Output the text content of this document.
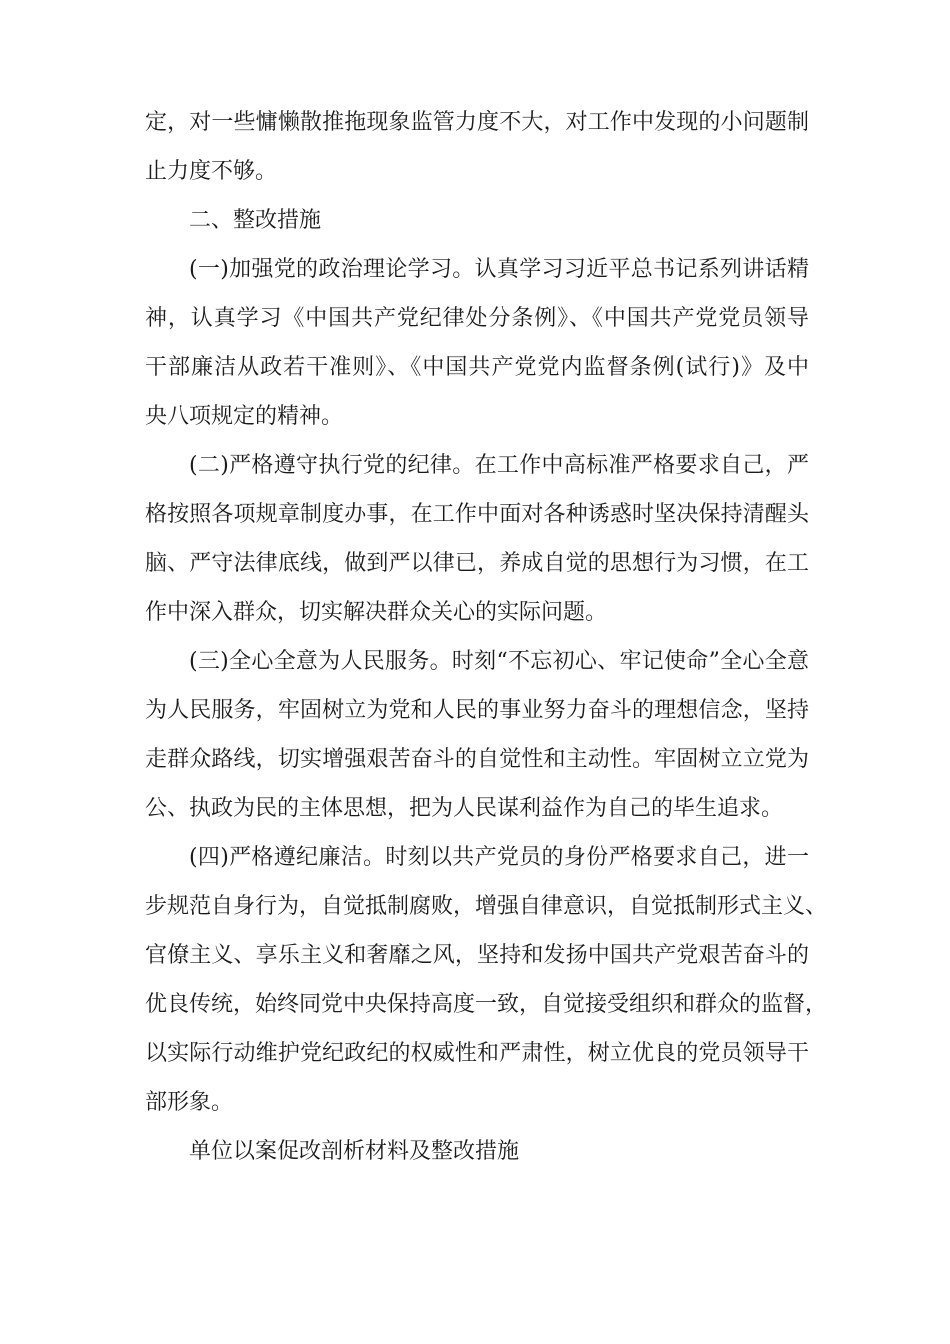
定，对一些慵懒散推拖现象监管力度不大，对工作中发现的小问题制
止力度不够。
二、整改措施
(一)加强党的政治理论学习。认真学习习近平总书记系列讲话精
神，认真学习《中国共产党纪律处分条例》、《中国共产党党员领导
干部廉洁从政若干准则》、《中国共产党党内监督条例(试行)》及中
央八项规定的精神。
(二)严格遵守执行党的纪律。在工作中高标准严格要求自己，严
格按照各项规章制度办事，在工作中面对各种诱惑时坚决保持清醒头
脑、严守法律底线，做到严以律已，养成自觉的思想行为习惯，在工
作中深入群众，切实解决群众关心的实际问题。
(三)全心全意为人民服务。时刻“不忘初心、牢记使命”全心全意
为人民服务，牢固树立为党和人民的事业努力奋斗的理想信念，坚持
走群众路线，切实增强艰苦奋斗的自觉性和主动性。牢固树立立党为
公、执政为民的主体思想，把为人民谋利益作为自己的毕生追求。
(四)严格遵纪廉洁。时刻以共产党员的身份严格要求自己，进一
步规范自身行为，自觉抵制腐败，增强自律意识，自觉抵制形式主义、
官僚主义、享乐主义和奢靡之风，坚持和发扬中国共产党艰苦奋斗的
优良传统，始终同党中央保持高度一致，自觉接受组织和群众的监督，
以实际行动维护党纪政纪的权威性和严肃性，树立优良的党员领导干
部形象。
单位以案促改剖析材料及整改措施
